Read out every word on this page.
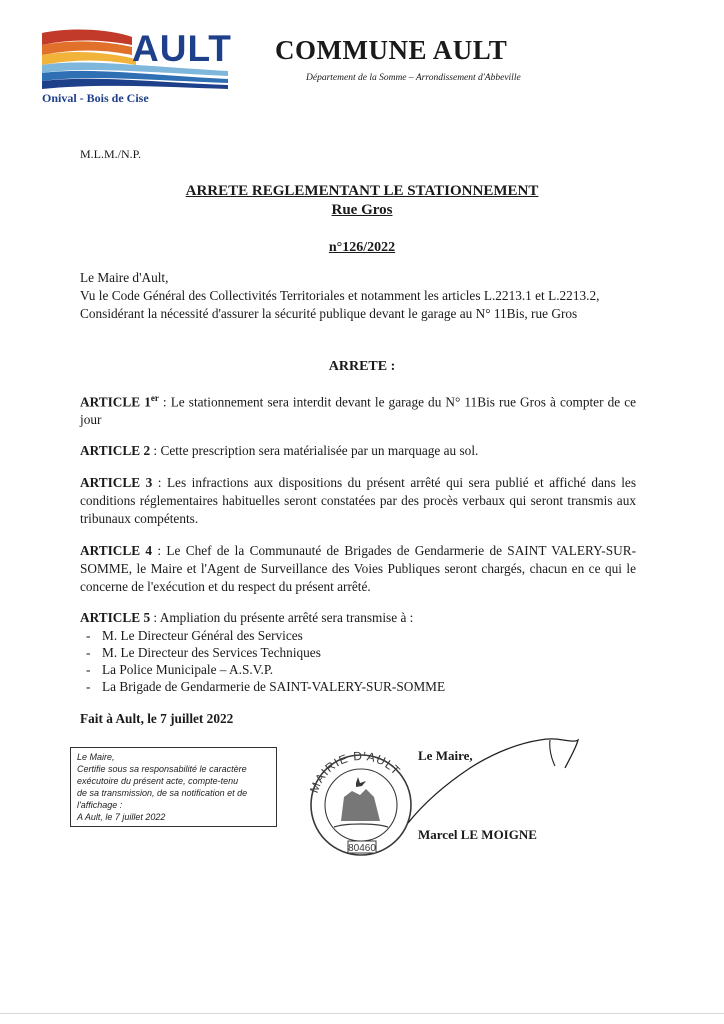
AULT
Onival - Bois de Cise
COMMUNE AULT
Département de la Somme – Arrondissement d'Abbeville
M.L.M./N.P.
ARRETE REGLEMENTANT LE STATIONNEMENT
Rue Gros
n°126/2022
Le Maire d'Ault,
Vu le Code Général des Collectivités Territoriales et notamment les articles L.2213.1 et L.2213.2,
Considérant la nécessité d'assurer la sécurité publique devant le garage au N° 11Bis, rue Gros
ARRETE :
ARTICLE 1er : Le stationnement sera interdit devant le garage du N° 11Bis rue Gros à compter de ce jour
ARTICLE 2 : Cette prescription sera matérialisée par un marquage au sol.
ARTICLE 3 : Les infractions aux dispositions du présent arrêté qui sera publié et affiché dans les conditions réglementaires habituelles seront constatées par des procès verbaux qui seront transmis aux tribunaux compétents.
ARTICLE 4 : Le Chef de la Communauté de Brigades de Gendarmerie de SAINT VALERY-SUR-SOMME, le Maire et l'Agent de Surveillance des Voies Publiques seront chargés, chacun en ce qui le concerne de l'exécution et du respect du présent arrêté.
ARTICLE 5 : Ampliation du présente arrêté sera transmise à :
- M. Le Directeur Général des Services
- M. Le Directeur des Services Techniques
- La Police Municipale – A.S.V.P.
- La Brigade de Gendarmerie de SAINT-VALERY-SUR-SOMME
Fait à Ault, le 7 juillet 2022
Le Maire,
Certifie sous sa responsabilité le caractère
exécutoire du présent acte, compte-tenu
de sa transmission, de sa notification et de
l'affichage :
A Ault, le 7 juillet 2022
MAIRIE D'AULT
80460
Le Maire,
Marcel LE MOIGNE
